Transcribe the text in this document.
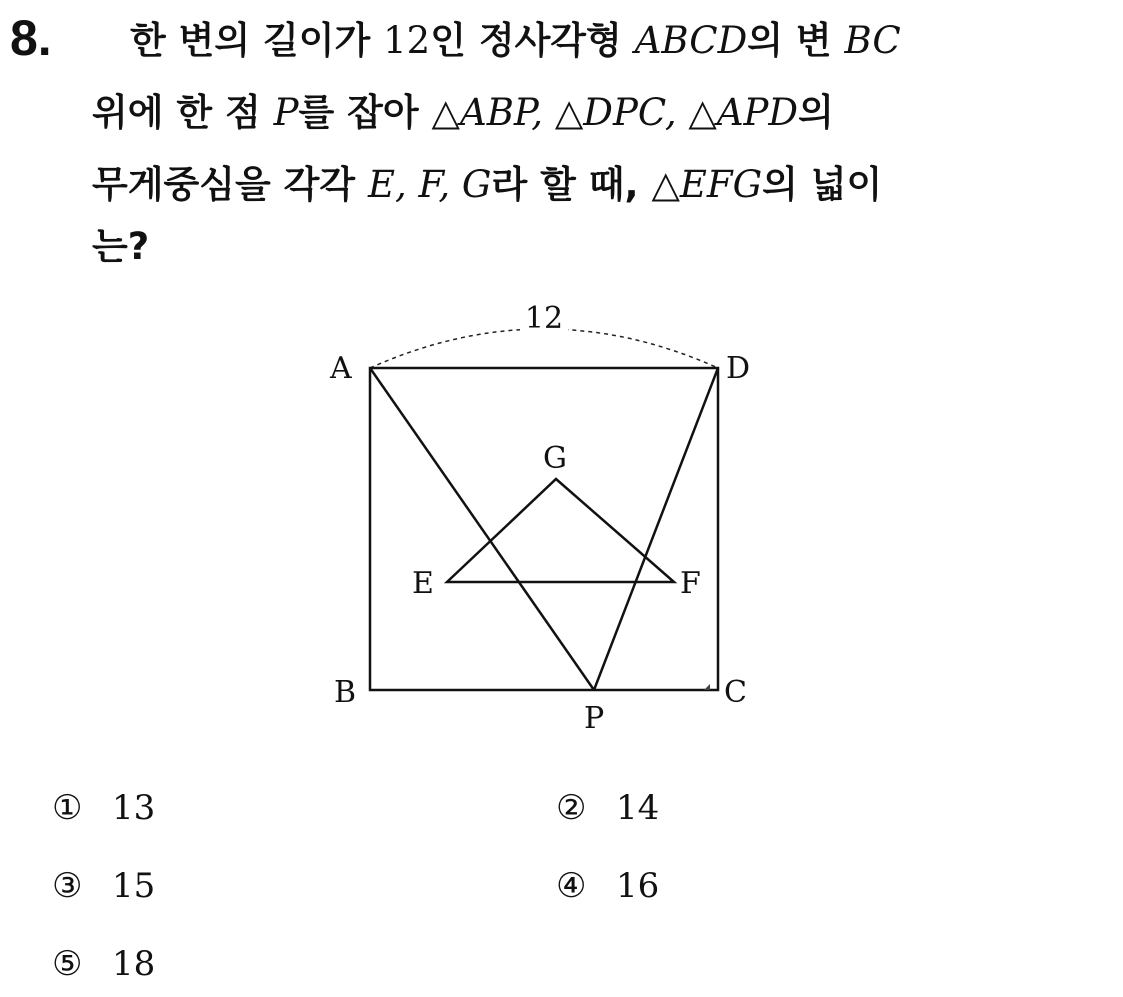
8. 한 변의 길이가 12인 정사각형 ABCD의 변 BC
위에 한 점 P를 잡아 △ABP, △DPC, △APD의
무게중심을 각각 E, F, G라 할 때, △EFG의 넓이
는?
12
A	D
B	C
P
G
E	F
① 13	② 14
③ 15	④ 16
⑤ 18
